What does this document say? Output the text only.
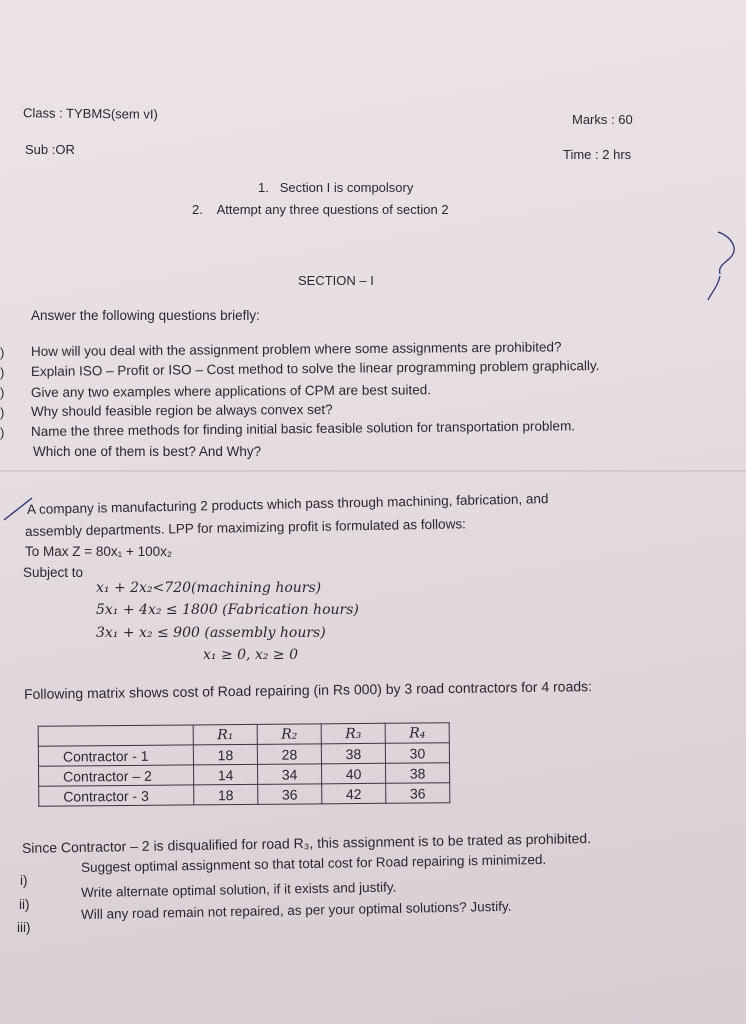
Class : TYBMS(sem vI)
Sub :OR
Marks : 60
Time : 2 hrs
1. Section I is compolsory
2. Attempt any three questions of section 2
SECTION – I
Answer the following questions briefly:
)
)
)
)
)
How will you deal with the assignment problem where some assignments are prohibited?
Explain ISO – Profit or ISO – Cost method to solve the linear programming problem graphically.
Give any two examples where applications of CPM are best suited.
Why should feasible region be always convex set?
Name the three methods for finding initial basic feasible solution for transportation problem.
Which one of them is best? And Why?
A company is manufacturing 2 products which pass through machining, fabrication, and
assembly departments. LPP for maximizing profit is formulated as follows:
To Max Z = 80x₁ + 100x₂
Subject to
x₁ + 2x₂<720(machining hours)
5x₁ + 4x₂ ≤ 1800 (Fabrication hours)
3x₁ + x₂ ≤ 900 (assembly hours)
x₁ ≥ 0, x₂ ≥ 0
Following matrix shows cost of Road repairing (in Rs 000) by 3 road contractors for 4 roads:
	R₁	R₂	R₃	R₄
Contractor - 1	18	28	38	30
Contractor – 2	14	34	40	38
Contractor - 3	18	36	42	36
Since Contractor – 2 is disqualified for road R₃, this assignment is to be trated as prohibited.
i)
Suggest optimal assignment so that total cost for Road repairing is minimized.
ii)
Write alternate optimal solution, if it exists and justify.
iii)
Will any road remain not repaired, as per your optimal solutions? Justify.
